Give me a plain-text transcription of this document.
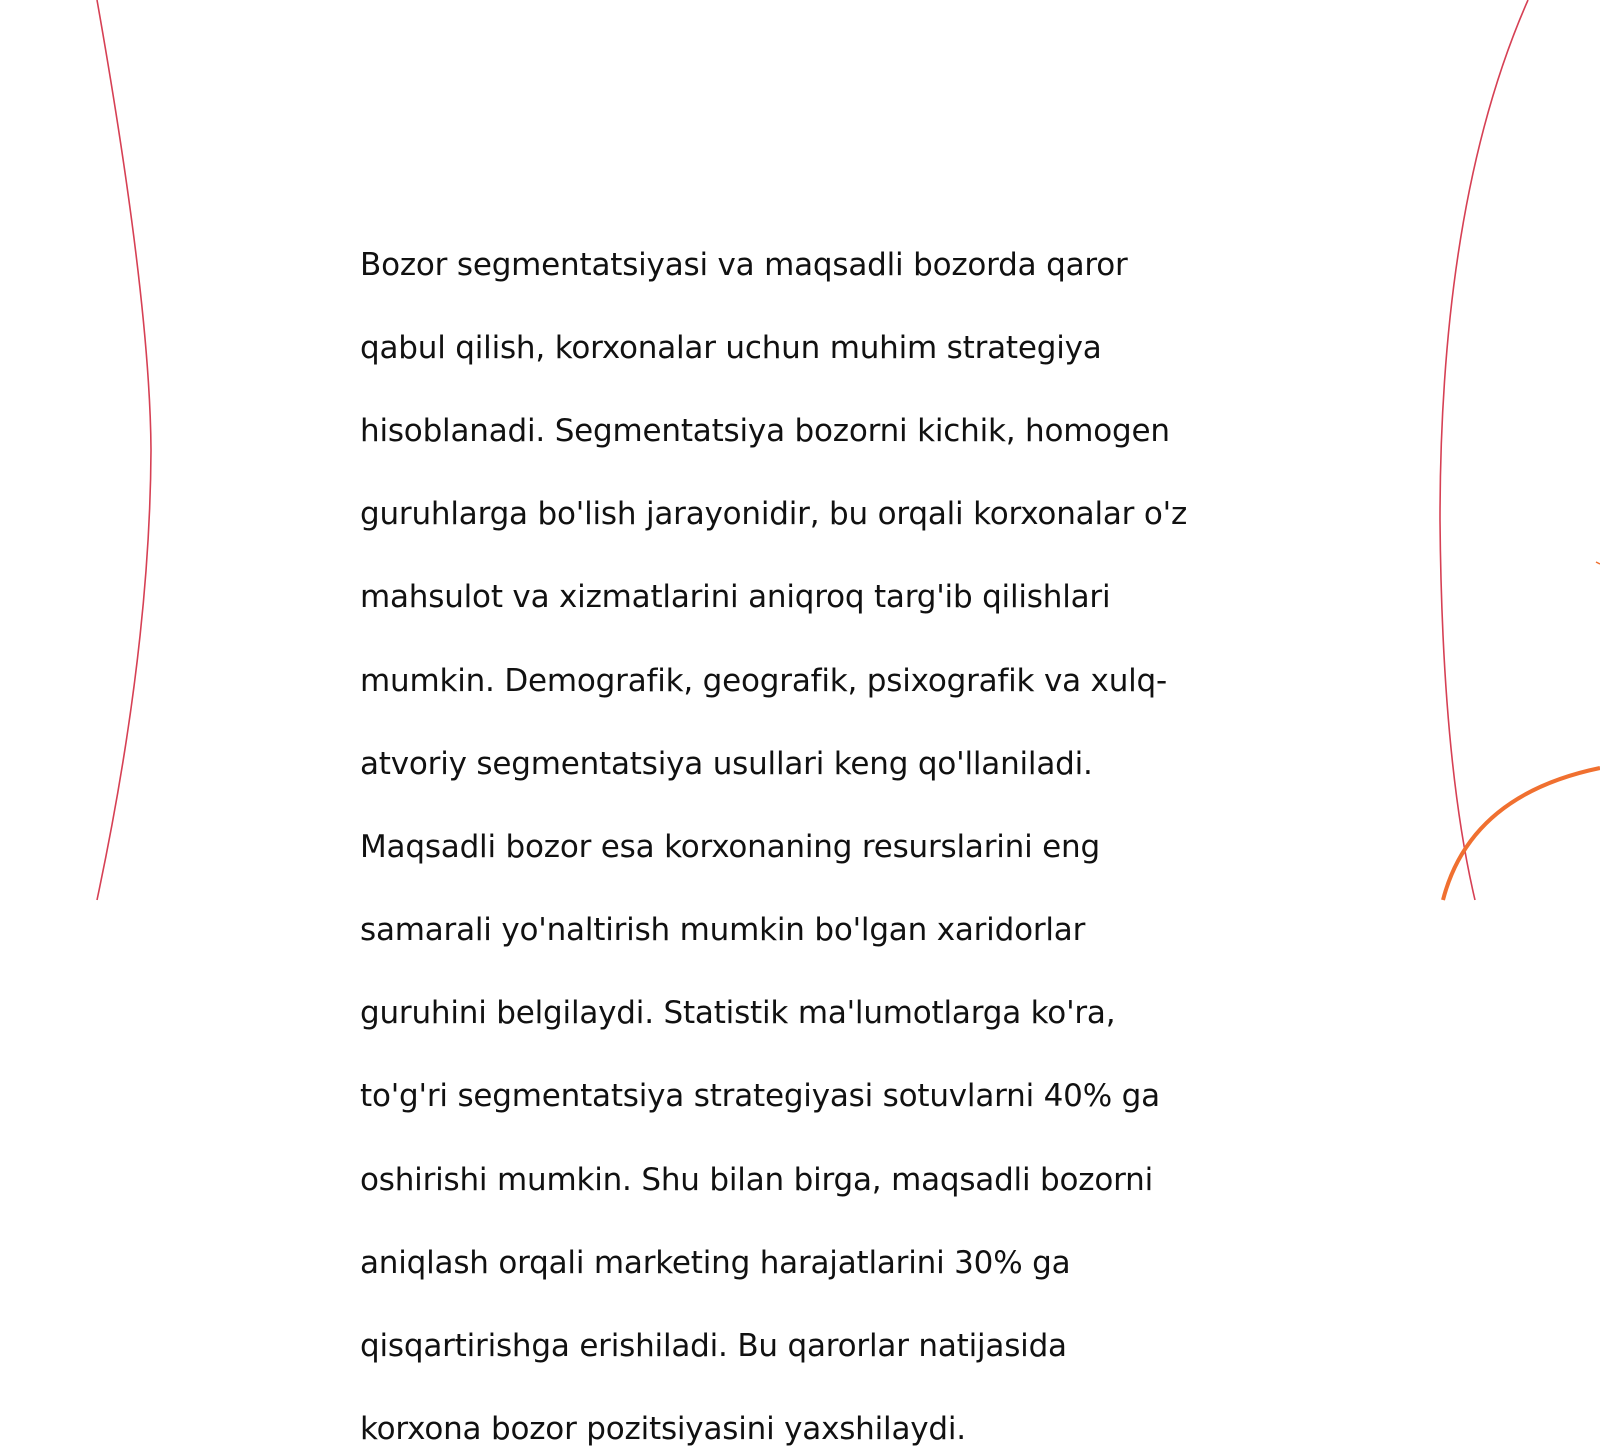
Bozor segmentatsiyasi va maqsadli bozorda qaror

qabul qilish, korxonalar uchun muhim strategiya

hisoblanadi. Segmentatsiya bozorni kichik, homogen

guruhlarga bo'lish jarayonidir, bu orqali korxonalar o'z

mahsulot va xizmatlarini aniqroq targ'ib qilishlari

mumkin. Demografik, geografik, psixografik va xulq-

atvoriy segmentatsiya usullari keng qo'llaniladi.

Maqsadli bozor esa korxonaning resurslarini eng

samarali yo'naltirish mumkin bo'lgan xaridorlar

guruhini belgilaydi. Statistik ma'lumotlarga ko'ra,

to'g'ri segmentatsiya strategiyasi sotuvlarni 40% ga

oshirishi mumkin. Shu bilan birga, maqsadli bozorni

aniqlash orqali marketing harajatlarini 30% ga

qisqartirishga erishiladi. Bu qarorlar natijasida

korxona bozor pozitsiyasini yaxshilaydi.
